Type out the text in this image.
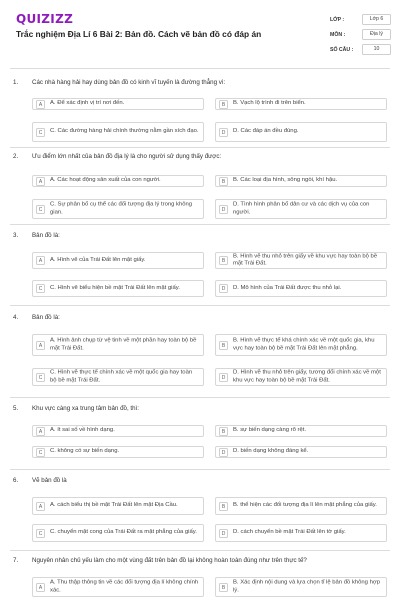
QUIZIZZ
Trắc nghiệm Địa Lí 6 Bài 2: Bản đồ. Cách vẽ bản đồ có đáp án
LỚP :	Lớp 6
MÔN :	Địa lý
SỐ CÂU :	10
1. Các nhà hàng hải hay dùng bản đồ có kinh vĩ tuyến là đường thẳng vì:
A	A. Để xác định vị trí nơi đến.	B	B. Vạch lộ trình đi trên biển.
C	C. Các đường hàng hải chính thường nằm gần xích đạo.	D	D. Các đáp án đều đúng.
2. Ưu điểm lớn nhất của bản đồ địa lý là cho người sử dụng thấy được:
A	A. Các hoạt động sản xuất của con người.	B	B. Các loại địa hình, sông ngòi, khí hậu.
C
C. Sự phân bố cụ thể các đối tượng địa lý trong không gian.	D
D. Tình hình phân bố dân cư và các dịch vụ của con người.
3. Bản đồ là:
A	A. Hình vẽ của Trái Đất lên mặt giấy.	B
B. Hình vẽ thu nhỏ trên giấy về khu vực hay toàn bộ bề mặt Trái Đất.
C	C. Hình vẽ biểu hiện bề mặt Trái Đất lên mặt giấy.	D	D. Mô hình của Trái Đất được thu nhỏ lại.
4. Bản đồ là:
A
A. Hình ảnh chụp từ vệ tinh về một phần hay toàn bộ bề mặt Trái Đất.	B
B. Hình vẽ thực tế khá chính xác về một quốc gia, khu vực hay toàn bộ bề mặt Trái Đất lên mặt phẳng.
C
C. Hình vẽ thực tế chính xác về một quốc gia hay toàn bộ bề mặt Trái Đất.	D
D. Hình vẽ thu nhỏ trên giấy, tương đối chính xác về một khu vực hay toàn bộ bề mặt Trái Đất.
5. Khu vực càng xa trung tâm bản đồ, thì:
A	A. ít sai số về hình dạng.	B	B. sự biến dạng càng rõ rệt.
C	C. không có sự biến dạng.	D	D. biến dạng không đáng kể.
6. Vẽ bản đồ là
A	A. cách biểu thị bề mặt Trái Đất lên mặt Địa Cầu.	B	B. thể hiện các đối tượng địa lí lên mặt phẳng của giấy.
C	C. chuyển mặt cong của Trái Đất ra mặt phẳng của giấy.	D	D. cách chuyển bề mặt Trái Đất lên tờ giấy.
7. Nguyên nhân chủ yếu làm cho một vùng đất trên bản đồ lại không hoàn toàn đúng như trên thực tế?
A
A. Thu thập thông tin về các đối tượng địa lí không chính xác.	B
B. Xác định nội dung và lựa chọn tỉ lệ bản đồ không hợp lý.
